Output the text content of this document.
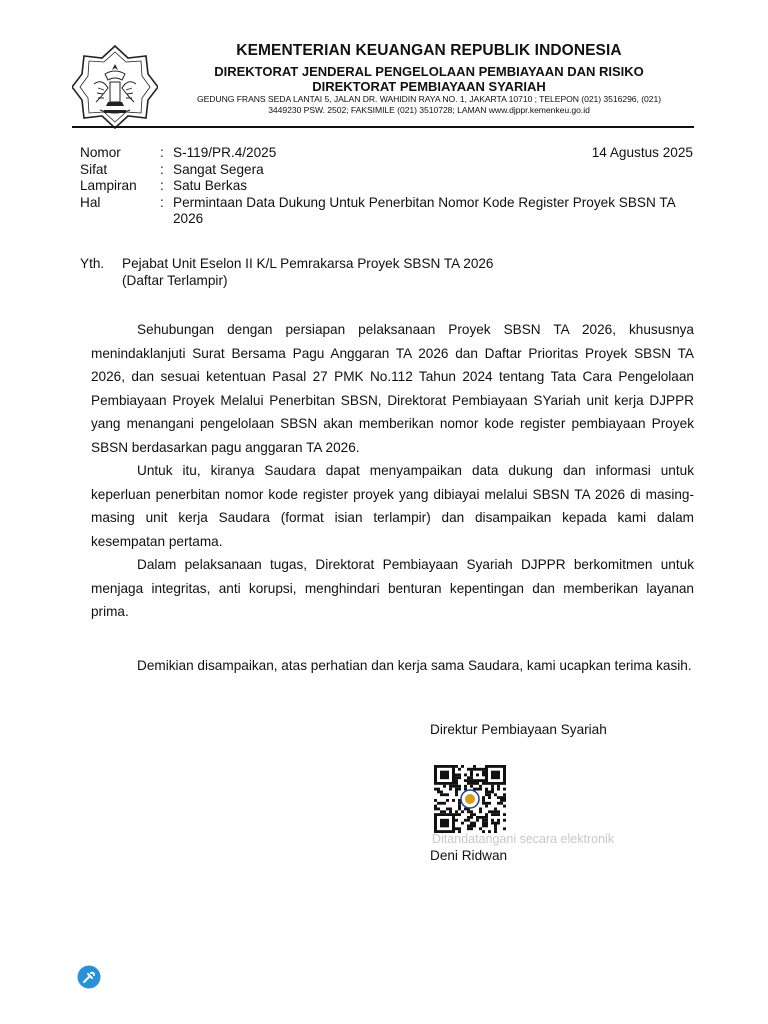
KEMENTERIAN KEUANGAN REPUBLIK INDONESIA
DIREKTORAT JENDERAL PENGELOLAAN PEMBIAYAAN DAN RISIKO
DIREKTORAT PEMBIAYAAN SYARIAH
GEDUNG FRANS SEDA LANTAI 5, JALAN DR. WAHIDIN RAYA NO. 1, JAKARTA 10710 ; TELEPON (021) 3516296, (021)
3449230 PSW. 2502; FAKSIMILE (021) 3510728; LAMAN www.djppr.kemenkeu.go.id
Nomor	: S-119/PR.4/2025
Sifat	: Sangat Segera
Lampiran	: Satu Berkas
Hal	: Permintaan Data Dukung Untuk Penerbitan Nomor Kode Register Proyek SBSN TA 2026
14 Agustus 2025
Yth.	Pejabat Unit Eselon II K/L Pemrakarsa Proyek SBSN TA 2026
(Daftar Terlampir)

Sehubungan dengan persiapan pelaksanaan Proyek SBSN TA 2026, khususnya menindaklanjuti Surat Bersama Pagu Anggaran TA 2026 dan Daftar Prioritas Proyek SBSN TA 2026, dan sesuai ketentuan Pasal 27 PMK No.112 Tahun 2024 tentang Tata Cara Pengelolaan Pembiayaan Proyek Melalui Penerbitan SBSN, Direktorat Pembiayaan SYariah unit kerja DJPPR yang menangani pengelolaan SBSN akan memberikan nomor kode register pembiayaan Proyek SBSN berdasarkan pagu anggaran TA 2026.

Untuk itu, kiranya Saudara dapat menyampaikan data dukung dan informasi untuk keperluan penerbitan nomor kode register proyek yang dibiayai melalui SBSN TA 2026 di masing-masing unit kerja Saudara (format isian terlampir) dan disampaikan kepada kami dalam kesempatan pertama.

Dalam pelaksanaan tugas, Direktorat Pembiayaan Syariah DJPPR berkomitmen untuk menjaga integritas, anti korupsi, menghindari benturan kepentingan dan memberikan layanan prima.

Demikian disampaikan, atas perhatian dan kerja sama Saudara, kami ucapkan terima kasih.

Direktur Pembiayaan Syariah
Ditandatangani secara elektronik
Deni Ridwan
